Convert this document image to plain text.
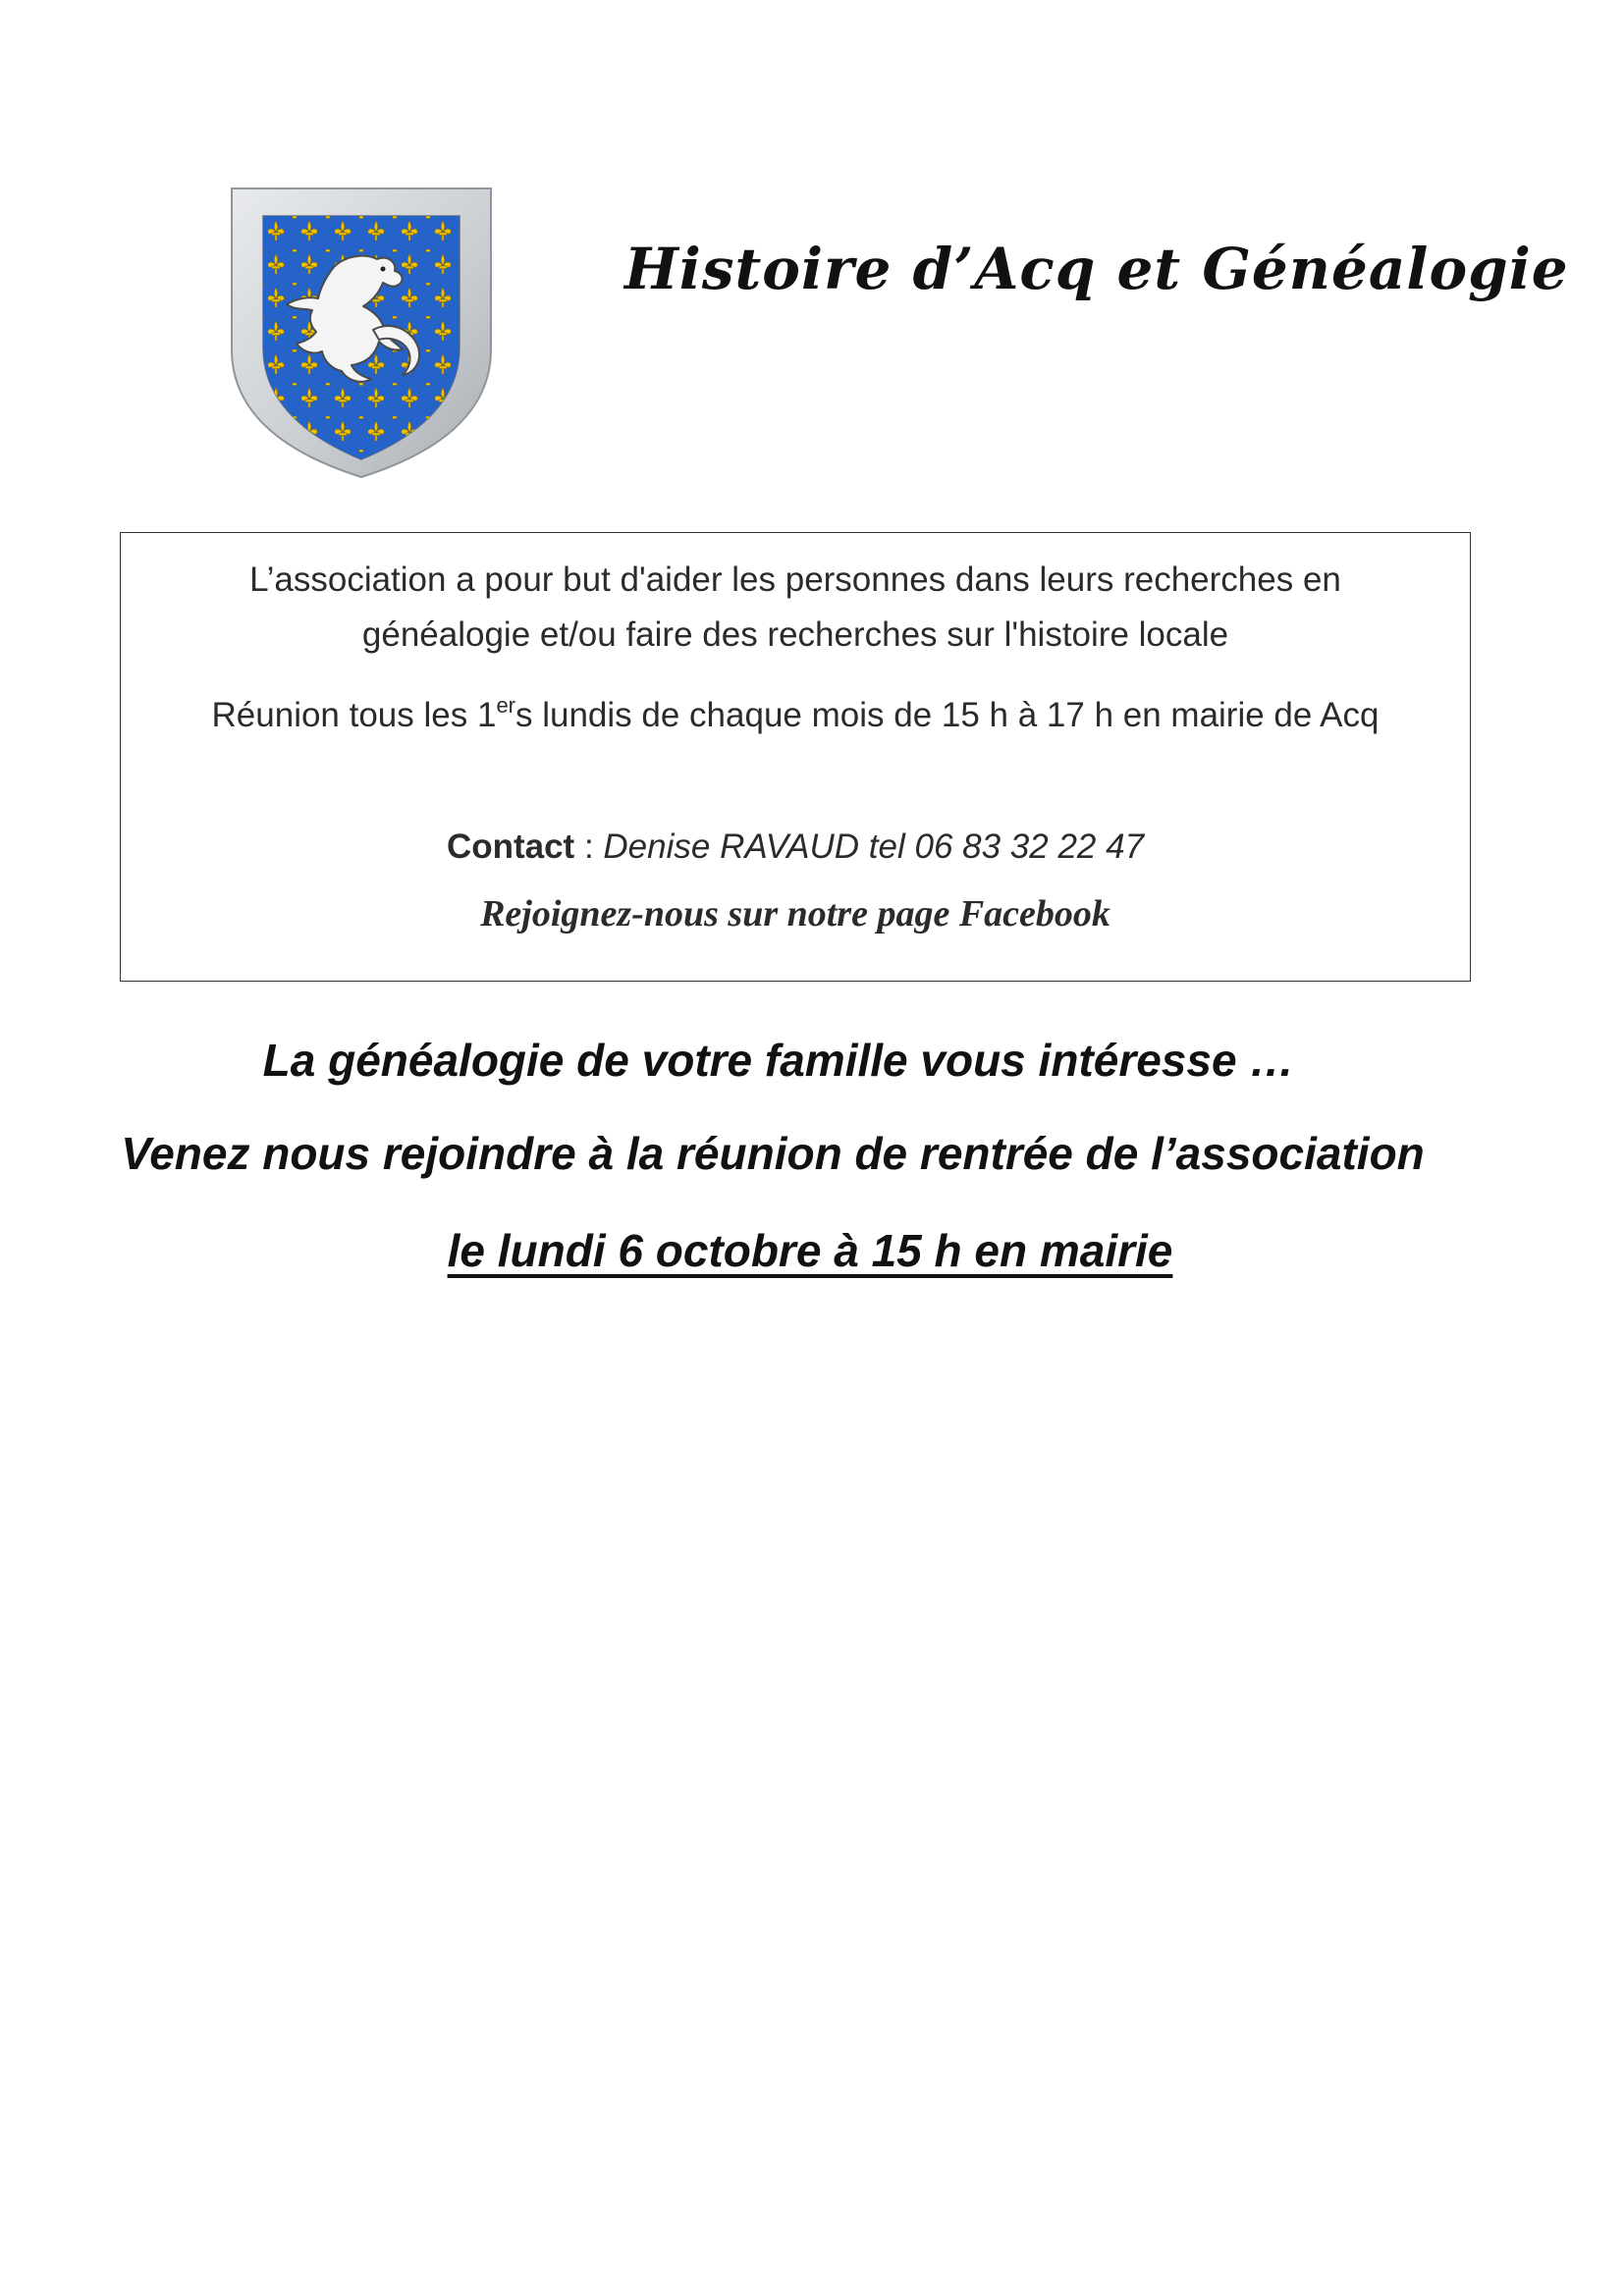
Histoire d’Acq et Généalogie
L’association a pour but d'aider les personnes dans leurs recherches en
généalogie et/ou faire des recherches sur l'histoire locale
Réunion tous les 1ers lundis de chaque mois de 15 h à 17 h en mairie de Acq
Contact : Denise RAVAUD tel 06 83 32 22 47
Rejoignez-nous sur notre page Facebook
La généalogie de votre famille vous intéresse …
Venez nous rejoindre à la réunion de rentrée de l’association
le lundi 6 octobre à 15 h en mairie
